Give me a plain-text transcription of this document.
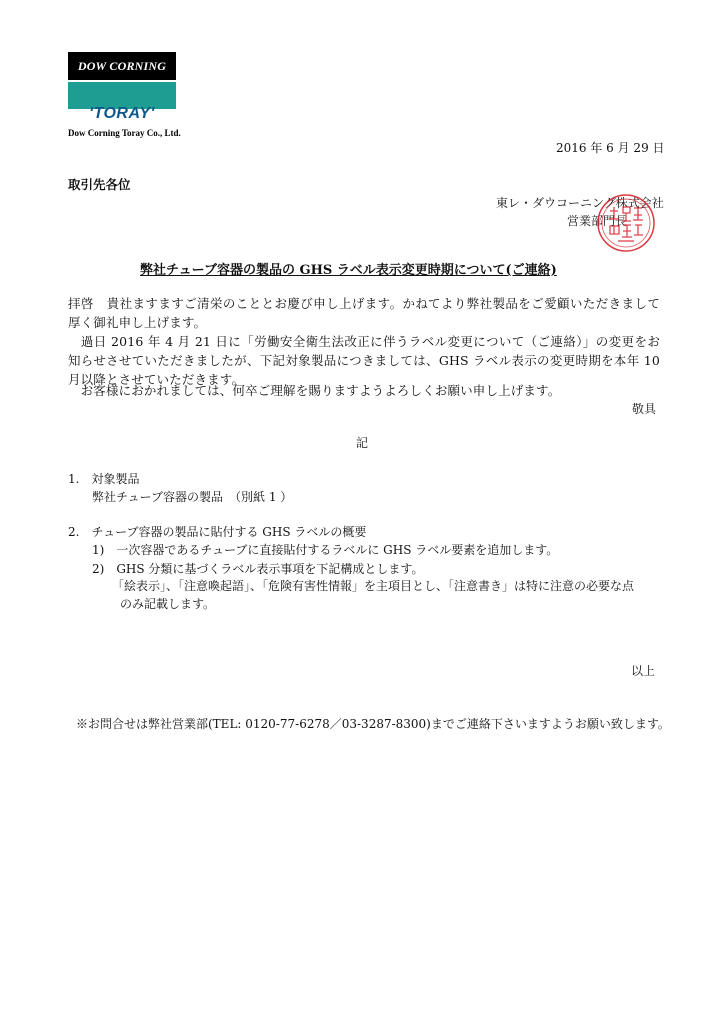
DOW CORNING
'TORAY'
Dow Corning Toray Co., Ltd.
2016 年 6 月 29 日
取引先各位
東レ・ダウコーニング株式会社
営業部門長
弊社チューブ容器の製品の GHS ラベル表示変更時期について(ご連絡)
拝啓　貴社ますますご清栄のこととお慶び申し上げます。かねてより弊社製品をご愛顧いただきまして厚く御礼申し上げます。
　過日 2016 年 4 月 21 日に「労働安全衛生法改正に伴うラベル変更について（ご連絡）」の変更をお知らせさせていただきましたが、下記対象製品につきましては、GHS ラベル表示の変更時期を本年 10 月以降とさせていただきます。
　お客様におかれましては、何卒ご理解を賜りますようよろしくお願い申し上げます。
敬具
記
1.　対象製品
弊社チューブ容器の製品　（別紙 1 ）
2.　チューブ容器の製品に貼付する GHS ラベルの概要
1)　一次容器であるチューブに直接貼付するラベルに GHS ラベル要素を追加します。
2)　GHS 分類に基づくラベル表示事項を下記構成とします。
「絵表示」、「注意喚起語」、「危険有害性情報」を主項目とし、「注意書き」は特に注意の必要な点
のみ記載します。
以上
※お問合せは弊社営業部(TEL: 0120-77-6278／03-3287-8300)までご連絡下さいますようお願い致します。
